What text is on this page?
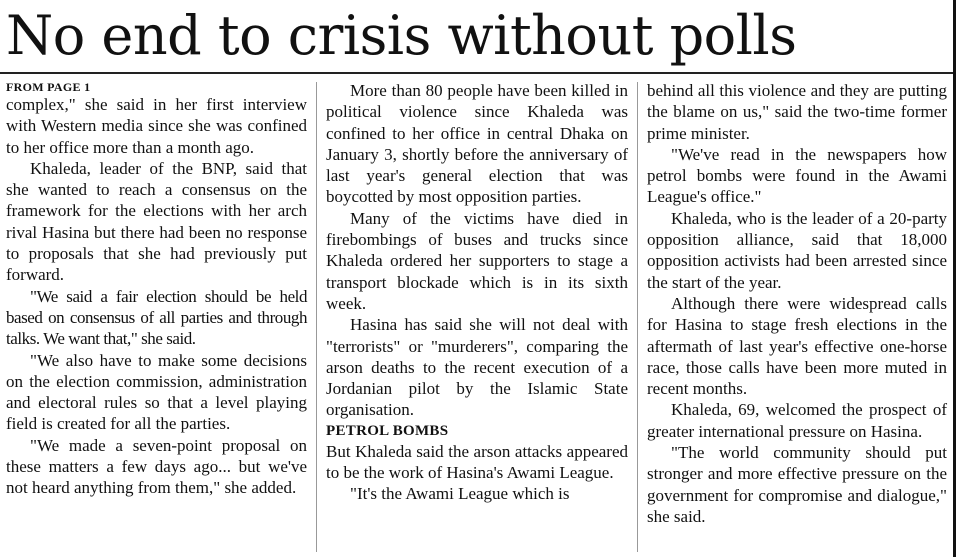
No end to crisis without polls
FROM PAGE 1

complex," she said in her first interview with Western media since she was confined to her office more than a month ago.

Khaleda, leader of the BNP, said that she wanted to reach a consensus on the framework for the elections with her arch rival Hasina but there had been no response to proposals that she had previously put forward.

"We said a fair election should be held based on consensus of all parties and through talks. We want that," she said.

"We also have to make some decisions on the election commission, administration and electoral rules so that a level playing field is created for all the parties.

"We made a seven-point proposal on these matters a few days ago... but we've not heard anything from them," she added.

More than 80 people have been killed in political violence since Khaleda was confined to her office in central Dhaka on January 3, shortly before the anniversary of last year's general election that was boycotted by most opposition parties.

Many of the victims have died in firebombings of buses and trucks since Khaleda ordered her supporters to stage a transport blockade which is in its sixth week.

Hasina has said she will not deal with "terrorists" or "murderers", comparing the arson deaths to the recent execution of a Jordanian pilot by the Islamic State organisation.

PETROL BOMBS

But Khaleda said the arson attacks appeared to be the work of Hasina's Awami League.

"It's the Awami League which is

behind all this violence and they are putting the blame on us," said the two-time former prime minister.

"We've read in the newspapers how petrol bombs were found in the Awami League's office."

Khaleda, who is the leader of a 20-party opposition alliance, said that 18,000 opposition activists had been arrested since the start of the year.

Although there were widespread calls for Hasina to stage fresh elections in the aftermath of last year's effective one-horse race, those calls have been more muted in recent months.

Khaleda, 69, welcomed the prospect of greater international pressure on Hasina.

"The world community should put stronger and more effective pressure on the government for compromise and dialogue," she said.
